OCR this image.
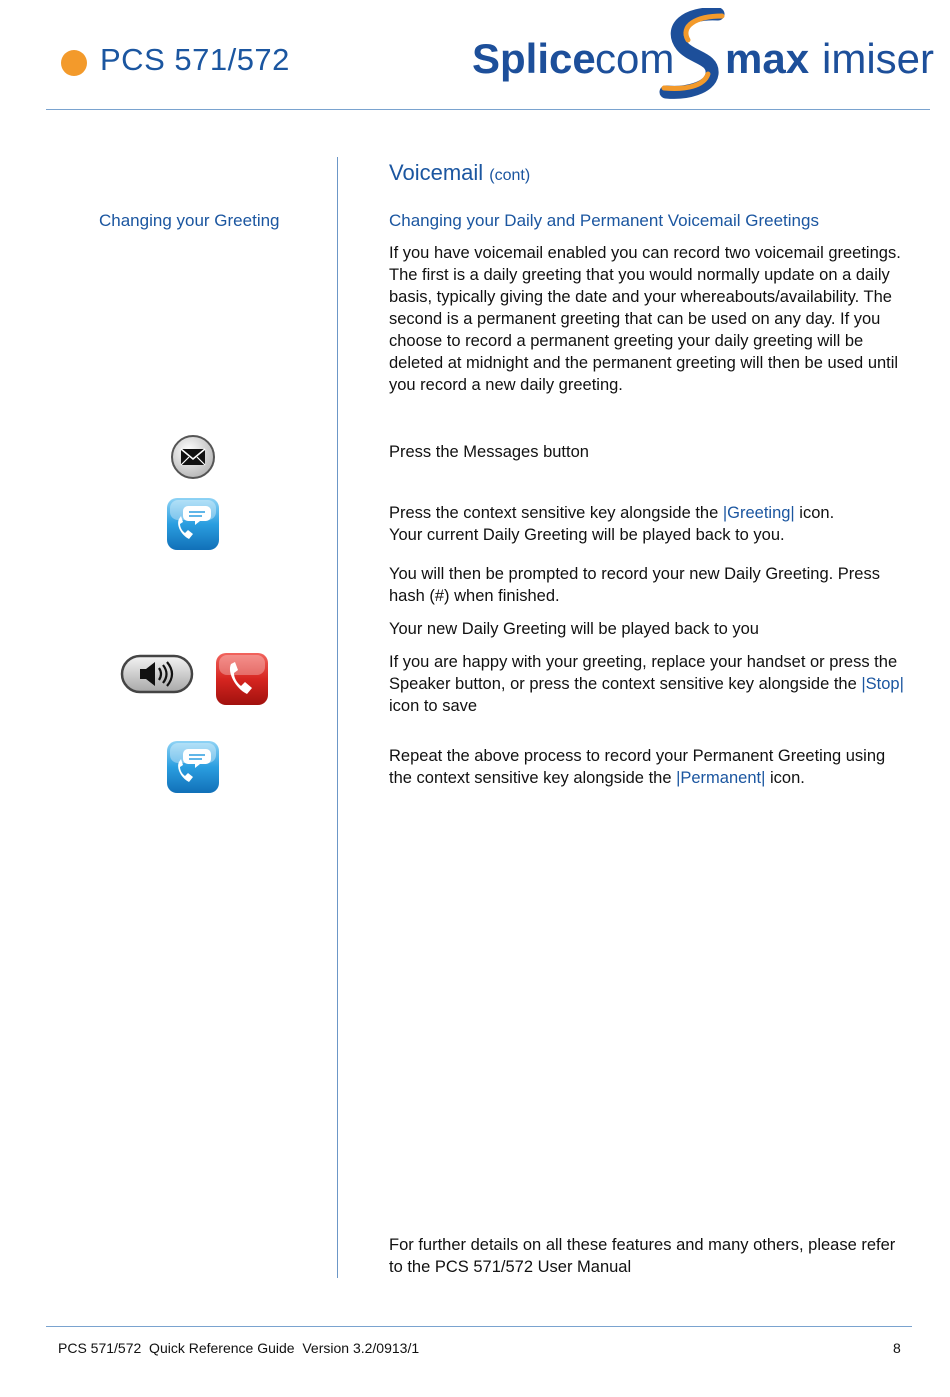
PCS 571/572	Splice com max imiser
Voicemail (cont)
Changing your Greeting	Changing your Daily and Permanent Voicemail Greetings
If you have voicemail enabled you can record two voicemail greetings. The first is a daily greeting that you would normally update on a daily basis, typically giving the date and your whereabouts/availability. The second is a permanent greeting that can be used on any day. If you choose to record a permanent greeting your daily greeting will be deleted at midnight and the permanent greeting will then be used until you record a new daily greeting.
Press the Messages button
Press the context sensitive key alongside the |Greeting| icon.
Your current Daily Greeting will be played back to you.
You will then be prompted to record your new Daily Greeting. Press hash (#) when finished.
Your new Daily Greeting will be played back to you
If you are happy with your greeting, replace your handset or press the Speaker button, or press the context sensitive key alongside the |Stop| icon to save
Repeat the above process to record your Permanent Greeting using the context sensitive key alongside the |Permanent| icon.
For further details on all these features and many others, please refer to the PCS 571/572 User Manual
PCS 571/572  Quick Reference Guide  Version 3.2/0913/1	8
